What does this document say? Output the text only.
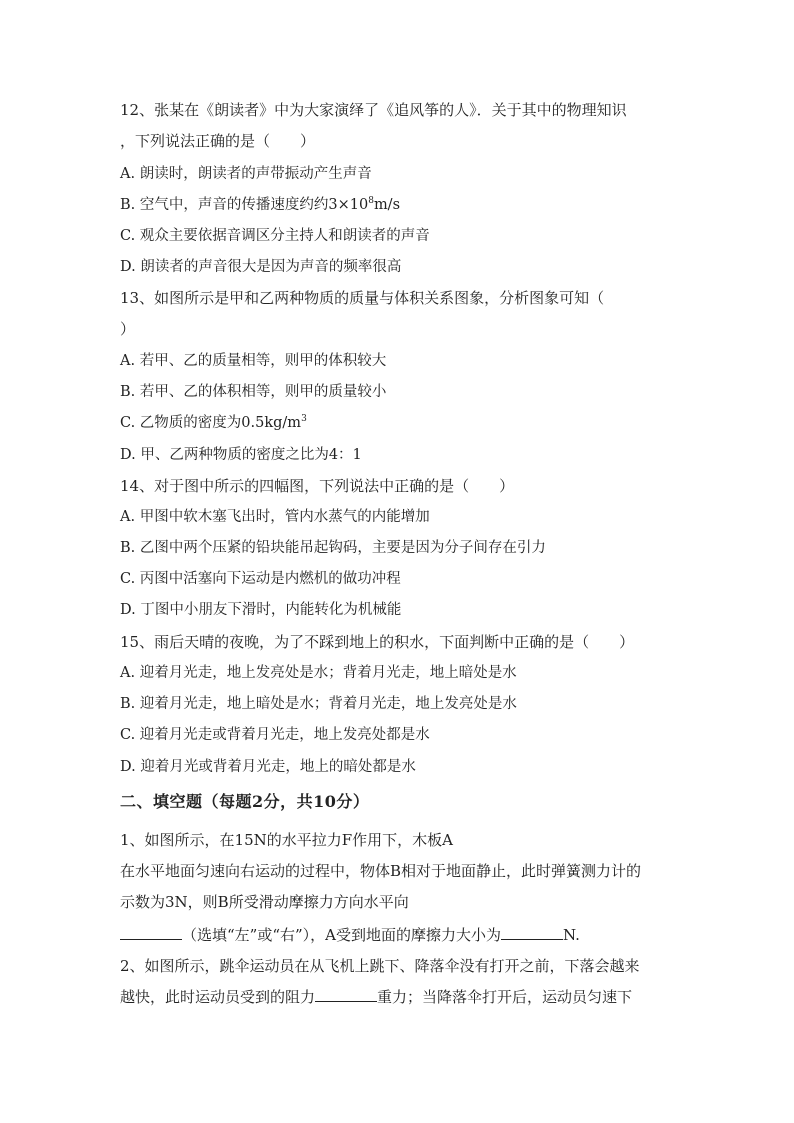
12、张某在《朗读者》中为大家演绎了《追风筝的人》．关于其中的物理知识
，下列说法正确的是（　　）
A. 朗读时，朗读者的声带振动产生声音
B. 空气中，声音的传播速度约约$3\times 10^8m/s$
C. 观众主要依据音调区分主持人和朗读者的声音
D. 朗读者的声音很大是因为声音的频率很高
13、如图所示是甲和乙两种物质的质量与体积关系图象，分析图象可知（
）
A. 若甲、乙的质量相等，则甲的体积较大
B. 若甲、乙的体积相等，则甲的质量较小
C. 乙物质的密度为$0.5kg/m^3$
D. 甲、乙两种物质的密度之比为4：1
14、对于图中所示的四幅图，下列说法中正确的是（　　）
A. 甲图中软木塞飞出时，管内水蒸气的内能增加
B. 乙图中两个压紧的铅块能吊起钩码，主要是因为分子间存在引力
C. 丙图中活塞向下运动是内燃机的做功冲程
D. 丁图中小朋友下滑时，内能转化为机械能
15、雨后天晴的夜晚，为了不踩到地上的积水，下面判断中正确的是（　　）
A. 迎着月光走，地上发亮处是水；背着月光走，地上暗处是水
B. 迎着月光走，地上暗处是水；背着月光走，地上发亮处是水
C. 迎着月光走或背着月光走，地上发亮处都是水
D. 迎着月光或背着月光走，地上的暗处都是水
二、填空题（每题2分，共10分）
1、如图所示，在15N的水平拉力F作用下，木板A
在水平地面匀速向右运动的过程中，物体B相对于地面静止，此时弹簧测力计的
示数为3N，则B所受滑动摩擦力方向水平向
（选填“左”或“右”），A受到地面的摩擦力大小为	N.
2、如图所示，跳伞运动员在从飞机上跳下、降落伞没有打开之前，下落会越来
越快，此时运动员受到的阻力	重力；当降落伞打开后，运动员匀速下
